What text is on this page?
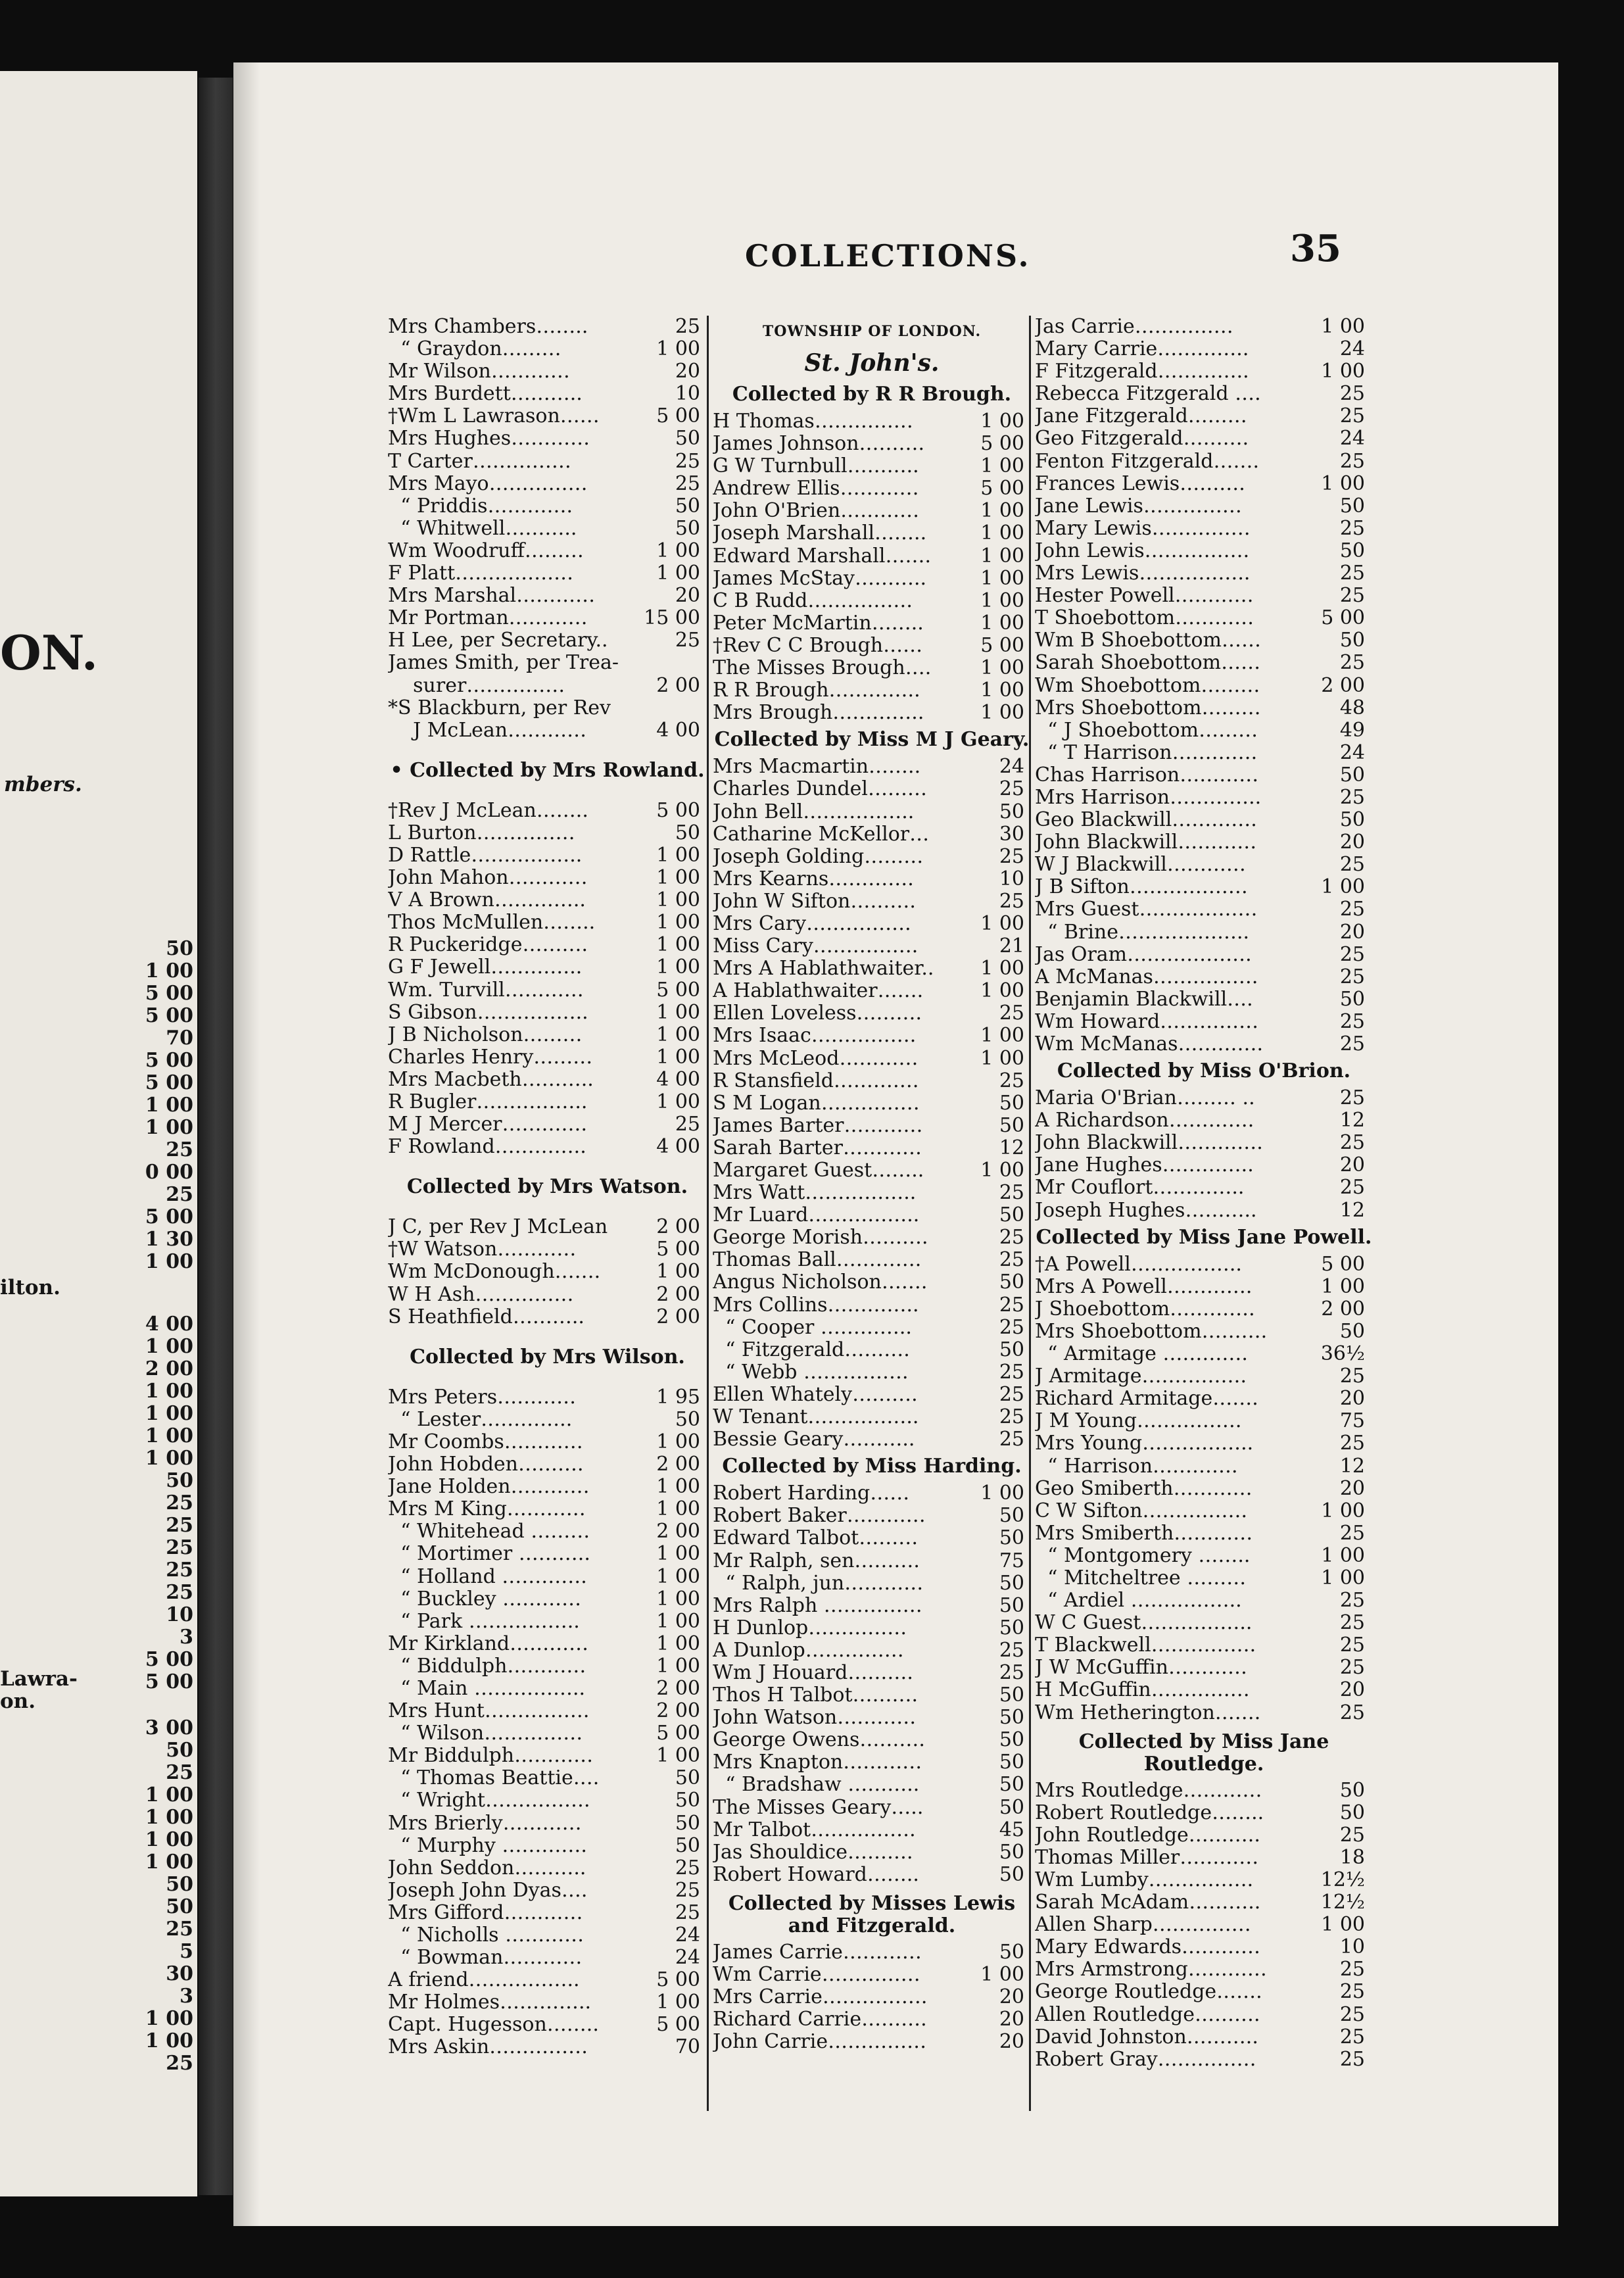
ON.
mbers.
ilton.
Lawra-
on.
50
1 00
5 00
5 00
70
5 00
5 00
1 00
1 00
25
0 00
25
5 00
1 30
1 00
4 00
1 00
2 00
1 00
1 00
1 00
1 00
50
25
25
25
25
25
10
3
5 00
5 00
3 00
50
25
1 00
1 00
1 00
1 00
50
50
25
5
30
3
1 00
1 00
25
COLLECTIONS.	35
Mrs Chambers……..	25
“ Graydon………	1 00
Mr Wilson…………	20
Mrs Burdett………..	10
†Wm L Lawrason……	5 00
Mrs Hughes…………	50
T Carter……………	25
Mrs Mayo……………	25
“ Priddis………….	50
“ Whitwell………..	50
Wm Woodruff………	1 00
F Platt………………	1 00
Mrs Marshal…………	20
Mr Portman…………	15 00
H Lee, per Secretary..	25
James Smith, per Trea-
surer……………	2 00
*S Blackburn, per Rev
J McLean…………	4 00
• Collected by Mrs Rowland.
†Rev J McLean……..	5 00
L Burton……………	50
D Rattle……………..	1 00
John Mahon…………	1 00
V A Brown…………..	1 00
Thos McMullen……..	1 00
R Puckeridge……….	1 00
G F Jewell…………..	1 00
Wm. Turvill…………	5 00
S Gibson……………..	1 00
J B Nicholson………	1 00
Charles Henry………	1 00
Mrs Macbeth………..	4 00
R Bugler……………..	1 00
M J Mercer………….	25
F Rowland…………..	4 00
Collected by Mrs Watson.
J C, per Rev J McLean 2 00
†W Watson…………	5 00
Wm McDonough…….	1 00
W H Ash……………	2 00
S Heathfield………..	2 00
Collected by Mrs Wilson.
Mrs Peters…………	1 95
“ Lester…………..	50
Mr Coombs…………	1 00
John Hobden……….	2 00
Jane Holden…………	1 00
Mrs M King…………	1 00
“ Whitehead ………	2 00
“ Mortimer ………..	1 00
“ Holland ………….	1 00
“ Buckley …………	1 00
“ Park ……………..	1 00
Mr Kirkland…………	1 00
“ Biddulph…………	1 00
“ Main ……………..	2 00
Mrs Hunt…………….	2 00
“ Wilson……………	5 00
Mr Biddulph…………	1 00
“ Thomas Beattie….	50
“ Wright…………….	50
Mrs Brierly…………	50
“ Murphy ………….	50
John Seddon………..	25
Joseph John Dyas….	25
Mrs Gifford…………	25
“ Nicholls …………	24
“ Bowman…………	24
A friend……………..	5 00
Mr Holmes…………..	1 00
Capt. Hugesson……..	5 00
Mrs Askin……………	70
TOWNSHIP OF LONDON.
St. John's.
Collected by R R Brough.
H Thomas……………	1 00
James Johnson……….	5 00
G W Turnbull………..	1 00
Andrew Ellis…………	5 00
John O'Brien…………	1 00
Joseph Marshall……..	1 00
Edward Marshall…….	1 00
James McStay………..	1 00
C B Rudd…………….	1 00
Peter McMartin……..	1 00
†Rev C C Brough……	5 00
The Misses Brough…. 1 00
R R Brough…………..	1 00
Mrs Brough…………..	1 00
Collected by Miss M J Geary.
Mrs Macmartin……..	24
Charles Dundel………	25
John Bell……………..	50
Catharine McKellor…	30
Joseph Golding………	25
Mrs Kearns………….	10
John W Sifton……….	25
Mrs Cary…………….	1 00
Miss Cary…………….	21
Mrs A Hablathwaiter.. 1 00
A Hablathwaiter…….	1 00
Ellen Loveless……….	25
Mrs Isaac…………….	1 00
Mrs McLeod…………	1 00
R Stansfield………….	25
S M Logan……………	50
James Barter…………	50
Sarah Barter…………	12
Margaret Guest……..	1 00
Mrs Watt……………..	25
Mr Luard……………..	50
George Morish……….	25
Thomas Ball………….	25
Angus Nicholson…….	50
Mrs Collins…………..	25
“ Cooper …………..	25
“ Fitzgerald……….	50
“ Webb …………….	25
Ellen Whately……….	25
W Tenant……………..	25
Bessie Geary………..	25
Collected by Miss Harding.
Robert Harding……	1 00
Robert Baker…………	50
Edward Talbot………	50
Mr Ralph, sen……….	75
“ Ralph, jun…………	50
Mrs Ralph ……………	50
H Dunlop……………	50
A Dunlop……………	25
Wm J Houard……….	25
Thos H Talbot……….	50
John Watson…………	50
George Owens……….	50
Mrs Knapton…………	50
“ Bradshaw ………..	50
The Misses Geary…..	50
Mr Talbot…………….	45
Jas Shouldice……….	50
Robert Howard……..	50
Collected by Misses Lewis and Fitzgerald.
James Carrie…………	50
Wm Carrie……………	1 00
Mrs Carrie…………….	20
Richard Carrie……….	20
John Carrie……………	20
Jas Carrie……………	1 00
Mary Carrie…………..	24
F Fitzgerald…………..	1 00
Rebecca Fitzgerald ….	25
Jane Fitzgerald………	25
Geo Fitzgerald……….	24
Fenton Fitzgerald…….	25
Frances Lewis……….	1 00
Jane Lewis……………	50
Mary Lewis……………	25
John Lewis…………….	50
Mrs Lewis……………..	25
Hester Powell…………	25
T Shoebottom…………	5 00
Wm B Shoebottom……	50
Sarah Shoebottom……	25
Wm Shoebottom………	2 00
Mrs Shoebottom………	48
“ J Shoebottom………	49
“ T Harrison………….	24
Chas Harrison…………	50
Mrs Harrison…………..	25
Geo Blackwill………….	50
John Blackwill…………	20
W J Blackwill…………	25
J B Sifton………………	1 00
Mrs Guest………………	25
“ Brine………………..	20
Jas Oram……………….	25
A McManas…………….	25
Benjamin Blackwill….	50
Wm Howard……………	25
Wm McManas………….	25
Collected by Miss O'Brion.
Maria O'Brian……… ..	25
A Richardson………….	12
John Blackwill………….	25
Jane Hughes…………..	20
Mr Couflort…………..	25
Joseph Hughes………..	12
Collected by Miss Jane Powell.
†A Powell……………..	5 00
Mrs A Powell………….	1 00
J Shoebottom………….	2 00
Mrs Shoebottom……….	50
“ Armitage ………….	36½
J Armitage…………….	25
Richard Armitage…….	20
J M Young…………….	75
Mrs Young……………..	25
“ Harrison………….	12
Geo Smiberth…………	20
C W Sifton…………….	1 00
Mrs Smiberth…………	25
“ Montgomery ……..	1 00
“ Mitcheltree ………	1 00
“ Ardiel ……………..	25
W C Guest……………..	25
T Blackwell…………….	25
J W McGuffin…………	25
H McGuffin……………	20
Wm Hetherington…….	25
Collected by Miss Jane Routledge.
Mrs Routledge…………	50
Robert Routledge……..	50
John Routledge………..	25
Thomas Miller…………	18
Wm Lumby…………….	12½
Sarah McAdam………..	12½
Allen Sharp……………	1 00
Mary Edwards…………	10
Mrs Armstrong…………	25
George Routledge…….	25
Allen Routledge……….	25
David Johnston………..	25
Robert Gray……………	25
